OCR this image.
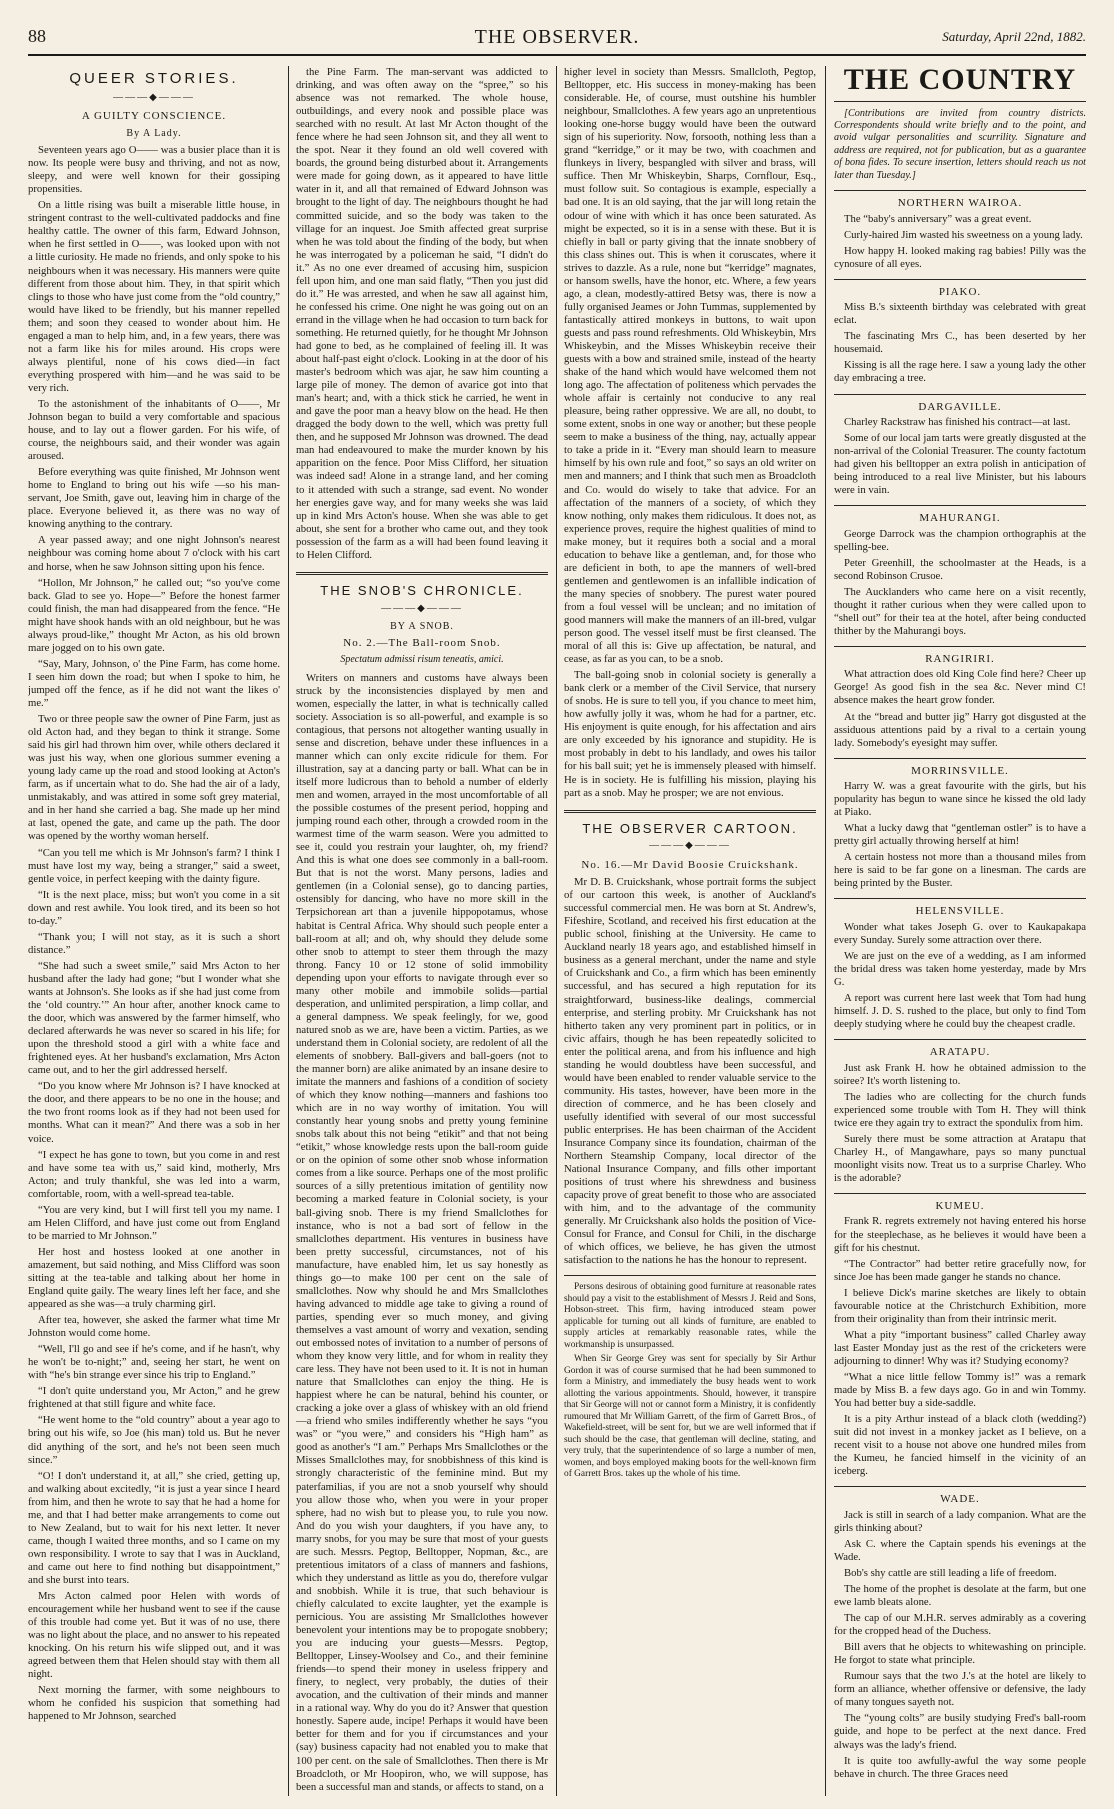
88	THE OBSERVER.	Saturday, April 22nd, 1882.
QUEER STORIES.
———◆———
A GUILTY CONSCIENCE.
By A Lady.

Seventeen years ago O—— was a busier place than it is now. Its people were busy and thriving, and not as now, sleepy, and were well known for their gossiping propensities.

On a little rising was built a miserable little house, in stringent contrast to the well-cultivated paddocks and fine healthy cattle. The owner of this farm, Edward Johnson, when he first settled in O——, was looked upon with not a little curiosity. He made no friends, and only spoke to his neighbours when it was necessary. His manners were quite different from those about him. They, in that spirit which clings to those who have just come from the “old country,” would have liked to be friendly, but his manner repelled them; and soon they ceased to wonder about him. He engaged a man to help him, and, in a few years, there was not a farm like his for miles around. His crops were always plentiful, none of his cows died—in fact everything prospered with him—and he was said to be very rich.

To the astonishment of the inhabitants of O——, Mr Johnson began to build a very comfortable and spacious house, and to lay out a flower garden. For his wife, of course, the neighbours said, and their wonder was again aroused.

Before everything was quite finished, Mr Johnson went home to England to bring out his wife —so his man-servant, Joe Smith, gave out, leaving him in charge of the place. Everyone believed it, as there was no way of knowing anything to the contrary.

A year passed away; and one night Johnson's nearest neighbour was coming home about 7 o'clock with his cart and horse, when he saw Johnson sitting upon his fence.

“Hollon, Mr Johnson,” he called out; “so you've come back. Glad to see yo. Hope—” Before the honest farmer could finish, the man had disappeared from the fence. “He might have shook hands with an old neighbour, but he was always proud-like,” thought Mr Acton, as his old brown mare jogged on to his own gate.

“Say, Mary, Johnson, o' the Pine Farm, has come home. I seen him down the road; but when I spoke to him, he jumped off the fence, as if he did not want the likes o' me.”

Two or three people saw the owner of Pine Farm, just as old Acton had, and they began to think it strange. Some said his girl had thrown him over, while others declared it was just his way, when one glorious summer evening a young lady came up the road and stood looking at Acton's farm, as if uncertain what to do. She had the air of a lady, unmistakably, and was attired in some soft grey material, and in her hand she carried a bag. She made up her mind at last, opened the gate, and came up the path. The door was opened by the worthy woman herself.

“Can you tell me which is Mr Johnson's farm? I think I must have lost my way, being a stranger,” said a sweet, gentle voice, in perfect keeping with the dainty figure.

“It is the next place, miss; but won't you come in a sit down and rest awhile. You look tired, and its been so hot to-day.”

“Thank you; I will not stay, as it is such a short distance.”

“She had such a sweet smile,” said Mrs Acton to her husband after the lady had gone; “but I wonder what she wants at Johnson's. She looks as if she had just come from the ‘old country.’” An hour after, another knock came to the door, which was answered by the farmer himself, who declared afterwards he was never so scared in his life; for upon the threshold stood a girl with a white face and frightened eyes. At her husband's exclamation, Mrs Acton came out, and to her the girl addressed herself.

“Do you know where Mr Johnson is? I have knocked at the door, and there appears to be no one in the house; and the two front rooms look as if they had not been used for months. What can it mean?” And there was a sob in her voice.

“I expect he has gone to town, but you come in and rest and have some tea with us,” said kind, motherly, Mrs Acton; and truly thankful, she was led into a warm, comfortable, room, with a well-spread tea-table.

“You are very kind, but I will first tell you my name. I am Helen Clifford, and have just come out from England to be married to Mr Johnson.”

Her host and hostess looked at one another in amazement, but said nothing, and Miss Clifford was soon sitting at the tea-table and talking about her home in England quite gaily. The weary lines left her face, and she appeared as she was—a truly charming girl.

After tea, however, she asked the farmer what time Mr Johnston would come home.

“Well, I'll go and see if he's come, and if he hasn't, why he won't be to-night;” and, seeing her start, he went on with “he's bin strange ever since his trip to England.”

“I don't quite understand you, Mr Acton,” and he grew frightened at that still figure and white face.

“He went home to the “old country” about a year ago to bring out his wife, so Joe (his man) told us. But he never did anything of the sort, and he's not been seen much since.”

“O! I don't understand it, at all,” she cried, getting up, and walking about excitedly, “it is just a year since I heard from him, and then he wrote to say that he had a home for me, and that I had better make arrangements to come out to New Zealand, but to wait for his next letter. It never came, though I waited three months, and so I came on my own responsibility. I wrote to say that I was in Auckland, and came out here to find nothing but disappointment,” and she burst into tears.

Mrs Acton calmed poor Helen with words of encouragement while her husband went to see if the cause of this trouble had come yet. But it was of no use, there was no light about the place, and no answer to his repeated knocking. On his return his wife slipped out, and it was agreed between them that Helen should stay with them all night.

Next morning the farmer, with some neighbours to whom he confided his suspicion that something had happened to Mr Johnson, searched

the Pine Farm. The man-servant was addicted to drinking, and was often away on the “spree,” so his absence was not remarked. The whole house, outbuildings, and every nook and possible place was searched with no result. At last Mr Acton thought of the fence where he had seen Johnson sit, and they all went to the spot. Near it they found an old well covered with boards, the ground being disturbed about it. Arrangements were made for going down, as it appeared to have little water in it, and all that remained of Edward Johnson was brought to the light of day. The neighbours thought he had committed suicide, and so the body was taken to the village for an inquest. Joe Smith affected great surprise when he was told about the finding of the body, but when he was interrogated by a policeman he said, “I didn't do it.” As no one ever dreamed of accusing him, suspicion fell upon him, and one man said flatly, “Then you just did do it.” He was arrested, and when he saw all against him, he confessed his crime. One night he was going out on an errand in the village when he had occasion to turn back for something. He returned quietly, for he thought Mr Johnson had gone to bed, as he complained of feeling ill. It was about half-past eight o'clock. Looking in at the door of his master's bedroom which was ajar, he saw him counting a large pile of money. The demon of avarice got into that man's heart; and, with a thick stick he carried, he went in and gave the poor man a heavy blow on the head. He then dragged the body down to the well, which was pretty full then, and he supposed Mr Johnson was drowned. The dead man had endeavoured to make the murder known by his apparition on the fence. Poor Miss Clifford, her situation was indeed sad! Alone in a strange land, and her coming to it attended with such a strange, sad event. No wonder her energies gave way, and for many weeks she was laid up in kind Mrs Acton's house. When she was able to get about, she sent for a brother who came out, and they took possession of the farm as a will had been found leaving it to Helen Clifford.

THE SNOB'S CHRONICLE.
———◆———
BY A SNOB.
No. 2.—The Ball-room Snob.
Spectatum admissi risum teneatis, amici.

Writers on manners and customs have always been struck by the inconsistencies displayed by men and women, especially the latter, in what is technically called society. Association is so all-powerful, and example is so contagious, that persons not altogether wanting usually in sense and discretion, behave under these influences in a manner which can only excite ridicule for them. For illustration, say at a dancing party or ball. What can be in itself more ludicrous than to behold a number of elderly men and women, arrayed in the most uncomfortable of all the possible costumes of the present period, hopping and jumping round each other, through a crowded room in the warmest time of the warm season. Were you admitted to see it, could you restrain your laughter, oh, my friend? And this is what one does see commonly in a ball-room. But that is not the worst. Many persons, ladies and gentlemen (in a Colonial sense), go to dancing parties, ostensibly for dancing, who have no more skill in the Terpsichorean art than a juvenile hippopotamus, whose habitat is Central Africa. Why should such people enter a ball-room at all; and oh, why should they delude some other snob to attempt to steer them through the mazy throng. Fancy 10 or 12 stone of solid immobility depending upon your efforts to navigate through ever so many other mobile and immobile solids—partial desperation, and unlimited perspiration, a limp collar, and a general dampness. We speak feelingly, for we, good natured snob as we are, have been a victim. Parties, as we understand them in Colonial society, are redolent of all the elements of snobbery. Ball-givers and ball-goers (not to the manner born) are alike animated by an insane desire to imitate the manners and fashions of a condition of society of which they know nothing—manners and fashions too which are in no way worthy of imitation. You will constantly hear young snobs and pretty young feminine snobs talk about this not being “etikit” and that not being “etikit,” whose knowledge rests upon the ball-room guide or on the opinion of some other snob whose information comes from a like source. Perhaps one of the most prolific sources of a silly pretentious imitation of gentility now becoming a marked feature in Colonial society, is your ball-giving snob. There is my friend Smallclothes for instance, who is not a bad sort of fellow in the smallclothes department. His ventures in business have been pretty successful, circumstances, not of his manufacture, have enabled him, let us say honestly as things go—to make 100 per cent on the sale of smallclothes. Now why should he and Mrs Smallclothes having advanced to middle age take to giving a round of parties, spending ever so much money, and giving themselves a vast amount of worry and vexation, sending out embossed notes of invitation to a number of persons of whom they know very little, and for whom in reality they care less. They have not been used to it. It is not in human nature that Smallclothes can enjoy the thing. He is happiest where he can be natural, behind his counter, or cracking a joke over a glass of whiskey with an old friend—a friend who smiles indifferently whether he says “you was” or “you were,” and considers his “High ham” as good as another's “I am.” Perhaps Mrs Smallclothes or the Misses Smallclothes may, for snobbishness of this kind is strongly characteristic of the feminine mind. But my paterfamilias, if you are not a snob yourself why should you allow those who, when you were in your proper sphere, had no wish but to please you, to rule you now. And do you wish your daughters, if you have any, to marry snobs, for you may be sure that most of your guests are such. Messrs. Pegtop, Belltopper, Nopman, &c., are pretentious imitators of a class of manners and fashions, which they understand as little as you do, therefore vulgar and snobbish. While it is true, that such behaviour is chiefly calculated to excite laughter, yet the example is pernicious. You are assisting Mr Smallclothes however benevolent your intentions may be to propogate snobbery; you are inducing your guests—Messrs. Pegtop, Belltopper, Linsey-Woolsey and Co., and their feminine friends—to spend their money in useless frippery and finery, to neglect, very probably, the duties of their avocation, and the cultivation of their minds and manner in a rational way. Why do you do it? Answer that question honestly. Sapere aude, incipe! Perhaps it would have been better for them and for you if circumstances and your (say) business capacity had not enabled you to make that 100 per cent. on the sale of Smallclothes. Then there is Mr Broadcloth, or Mr Hoopiron, who, we will suppose, has been a successful man and stands, or affects to stand, on a

higher level in society than Messrs. Smallcloth, Pegtop, Belltopper, etc. His success in money-making has been considerable. He, of course, must outshine his humbler neighbour, Smallclothes. A few years ago an unpretentious looking one-horse buggy would have been the outward sign of his superiority. Now, forsooth, nothing less than a grand “kerridge,” or it may be two, with coachmen and flunkeys in livery, bespangled with silver and brass, will suffice. Then Mr Whiskeybin, Sharps, Cornflour, Esq., must follow suit. So contagious is example, especially a bad one. It is an old saying, that the jar will long retain the odour of wine with which it has once been saturated. As might be expected, so it is in a sense with these. But it is chiefly in ball or party giving that the innate snobbery of this class shines out. This is when it coruscates, where it strives to dazzle. As a rule, none but “kerridge” magnates, or hansom swells, have the honor, etc. Where, a few years ago, a clean, modestly-attired Betsy was, there is now a fully organised Jeames or John Tummas, supplemented by fantastically attired monkeys in buttons, to wait upon guests and pass round refreshments. Old Whiskeybin, Mrs Whiskeybin, and the Misses Whiskeybin receive their guests with a bow and strained smile, instead of the hearty shake of the hand which would have welcomed them not long ago. The affectation of politeness which pervades the whole affair is certainly not conducive to any real pleasure, being rather oppressive. We are all, no doubt, to some extent, snobs in one way or another; but these people seem to make a business of the thing, nay, actually appear to take a pride in it. “Every man should learn to measure himself by his own rule and foot,” so says an old writer on men and manners; and I think that such men as Broadcloth and Co. would do wisely to take that advice. For an affectation of the manners of a society, of which they know nothing, only makes them ridiculous. It does not, as experience proves, require the highest qualities of mind to make money, but it requires both a social and a moral education to behave like a gentleman, and, for those who are deficient in both, to ape the manners of well-bred gentlemen and gentlewomen is an infallible indication of the many species of snobbery. The purest water poured from a foul vessel will be unclean; and no imitation of good manners will make the manners of an ill-bred, vulgar person good. The vessel itself must be first cleansed. The moral of all this is: Give up affectation, be natural, and cease, as far as you can, to be a snob.

The ball-going snob in colonial society is generally a bank clerk or a member of the Civil Service, that nursery of snobs. He is sure to tell you, if you chance to meet him, how awfully jolly it was, whom he had for a partner, etc. His enjoyment is quite enough, for his affectation and airs are only exceeded by his ignorance and stupidity. He is most probably in debt to his landlady, and owes his tailor for his ball suit; yet he is immensely pleased with himself. He is in society. He is fulfilling his mission, playing his part as a snob. May he prosper; we are not envious.

THE OBSERVER CARTOON.
———◆———
No. 16.—Mr David Boosie Cruickshank.

Mr D. B. Cruickshank, whose portrait forms the subject of our cartoon this week, is another of Auckland's successful commercial men. He was born at St. Andrew's, Fifeshire, Scotland, and received his first education at the public school, finishing at the University. He came to Auckland nearly 18 years ago, and established himself in business as a general merchant, under the name and style of Cruickshank and Co., a firm which has been eminently successful, and has secured a high reputation for its straightforward, business-like dealings, commercial enterprise, and sterling probity. Mr Cruickshank has not hitherto taken any very prominent part in politics, or in civic affairs, though he has been repeatedly solicited to enter the political arena, and from his influence and high standing he would doubtless have been successful, and would have been enabled to render valuable service to the community. His tastes, however, have been more in the direction of commerce, and he has been closely and usefully identified with several of our most successful public enterprises. He has been chairman of the Accident Insurance Company since its foundation, chairman of the Northern Steamship Company, local director of the National Insurance Company, and fills other important positions of trust where his shrewdness and business capacity prove of great benefit to those who are associated with him, and to the advantage of the community generally. Mr Cruickshank also holds the position of Vice-Consul for France, and Consul for Chili, in the discharge of which offices, we believe, he has given the utmost satisfaction to the nations he has the honour to represent.

Persons desirous of obtaining good furniture at reasonable rates should pay a visit to the establishment of Messrs J. Reid and Sons, Hobson-street. This firm, having introduced steam power applicable for turning out all kinds of furniture, are enabled to supply articles at remarkably reasonable rates, while the workmanship is unsurpassed.

When Sir George Grey was sent for specially by Sir Arthur Gordon it was of course surmised that he had been summoned to form a Ministry, and immediately the busy heads went to work allotting the various appointments. Should, however, it transpire that Sir George will not or cannot form a Ministry, it is confidently rumoured that Mr William Garrett, of the firm of Garrett Bros., of Wakefield-street, will be sent for, but we are well informed that if such should be the case, that gentleman will decline, stating, and very truly, that the superintendence of so large a number of men, women, and boys employed making boots for the well-known firm of Garrett Bros. takes up the whole of his time.

THE COUNTRY

[Contributions are invited from country districts. Correspondents should write briefly and to the point, and avoid vulgar personalities and scurrility. Signature and address are required, not for publication, but as a guarantee of bona fides. To secure insertion, letters should reach us not later than Tuesday.]

NORTHERN WAIROA.

The “baby's anniversary” was a great event.

Curly-haired Jim wasted his sweetness on a young lady.

How happy H. looked making rag babies! Pilly was the cynosure of all eyes.

PIAKO.

Miss B.'s sixteenth birthday was celebrated with great eclat.

The fascinating Mrs C., has been deserted by her housemaid.

Kissing is all the rage here. I saw a young lady the other day embracing a tree.

DARGAVILLE.

Charley Rackstraw has finished his contract—at last.

Some of our local jam tarts were greatly disgusted at the non-arrival of the Colonial Treasurer. The county factotum had given his belltopper an extra polish in anticipation of being introduced to a real live Minister, but his labours were in vain.

MAHURANGI.

George Darrock was the champion orthographis at the spelling-bee.

Peter Greenhill, the schoolmaster at the Heads, is a second Robinson Crusoe.

The Aucklanders who came here on a visit recently, thought it rather curious when they were called upon to “shell out” for their tea at the hotel, after being conducted thither by the Mahurangi boys.

RANGIRIRI.

What attraction does old King Cole find here? Cheer up George! As good fish in the sea &c. Never mind C! absence makes the heart grow fonder.

At the “bread and butter jig” Harry got disgusted at the assiduous attentions paid by a rival to a certain young lady. Somebody's eyesight may suffer.

MORRINSVILLE.

Harry W. was a great favourite with the girls, but his popularity has begun to wane since he kissed the old lady at Piako.

What a lucky dawg that “gentleman ostler” is to have a pretty girl actually throwing herself at him!

A certain hostess not more than a thousand miles from here is said to be far gone on a linesman. The cards are being printed by the Buster.

HELENSVILLE.

Wonder what takes Joseph G. over to Kaukapakapa every Sunday. Surely some attraction over there.

We are just on the eve of a wedding, as I am informed the bridal dress was taken home yesterday, made by Mrs G.

A report was current here last week that Tom had hung himself. J. D. S. rushed to the place, but only to find Tom deeply studying where he could buy the cheapest cradle.

ARATAPU.

Just ask Frank H. how he obtained admission to the soiree? It's worth listening to.

The ladies who are collecting for the church funds experienced some trouble with Tom H. They will think twice ere they again try to extract the spondulix from him.

Surely there must be some attraction at Aratapu that Charley H., of Mangawhare, pays so many punctual moonlight visits now. Treat us to a surprise Charley. Who is the adorable?

KUMEU.

Frank R. regrets extremely not having entered his horse for the steeplechase, as he believes it would have been a gift for his chestnut.

“The Contractor” had better retire gracefully now, for since Joe has been made ganger he stands no chance.

I believe Dick's marine sketches are likely to obtain favourable notice at the Christchurch Exhibition, more from their originality than from their intrinsic merit.

What a pity “important business” called Charley away last Easter Monday just as the rest of the cricketers were adjourning to dinner! Why was it? Studying economy?

“What a nice little fellow Tommy is!” was a remark made by Miss B. a few days ago. Go in and win Tommy. You had better buy a side-saddle.

It is a pity Arthur instead of a black cloth (wedding?) suit did not invest in a monkey jacket as I believe, on a recent visit to a house not above one hundred miles from the Kumeu, he fancied himself in the vicinity of an iceberg.

WADE.

Jack is still in search of a lady companion. What are the girls thinking about?

Ask C. where the Captain spends his evenings at the Wade.

Bob's shy cattle are still leading a life of freedom.

The home of the prophet is desolate at the farm, but one ewe lamb bleats alone.

The cap of our M.H.R. serves admirably as a covering for the cropped head of the Duchess.

Bill avers that he objects to whitewashing on principle. He forgot to state what principle.

Rumour says that the two J.'s at the hotel are likely to form an alliance, whether offensive or defensive, the lady of many tongues sayeth not.

The “young colts” are busily studying Fred's ball-room guide, and hope to be perfect at the next dance. Fred always was the lady's friend.

It is quite too awfully-awful the way some people behave in church. The three Graces need
